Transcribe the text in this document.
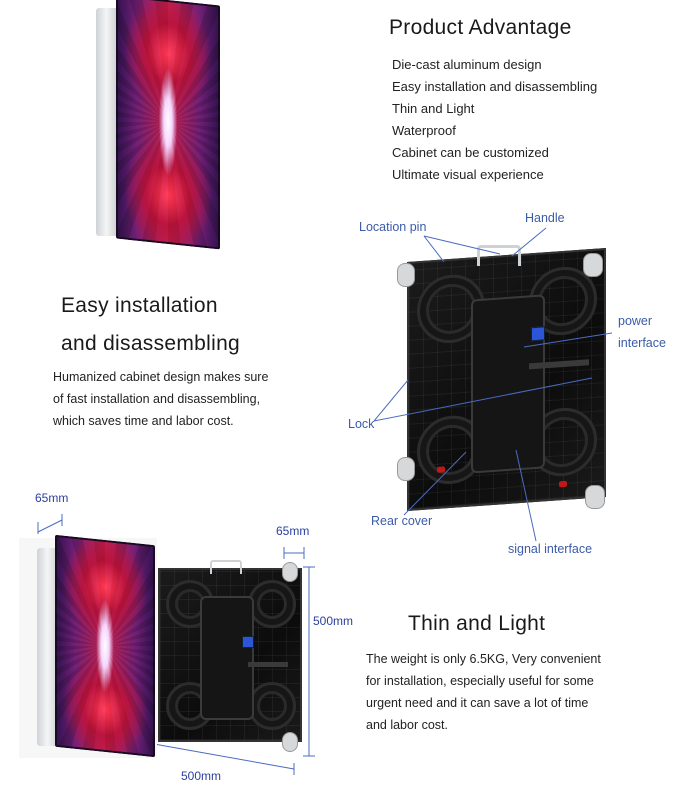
Product Advantage
Die-cast aluminum design
Easy installation and disassembling
Thin and Light
Waterproof
Cabinet can be customized
Ultimate visual experience
Location pin
Handle
power
interface
Lock
Rear cover
signal interface
Easy installation
and disassembling
Humanized cabinet design makes sure
of fast installation and disassembling,
which saves time and labor cost.
65mm
65mm
500mm
500mm
Thin and Light
The weight is only 6.5KG, Very convenient
for installation, especially useful for some
urgent need and it can save a lot of time
and labor cost.
